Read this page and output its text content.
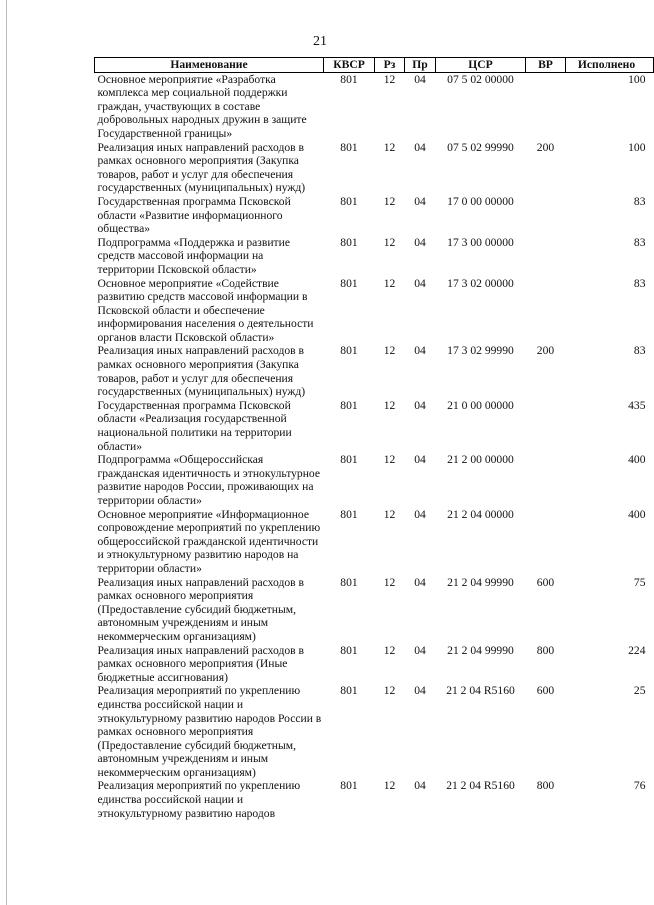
21
Наименование	КВСР	Рз	Пр	ЦСР	ВР	Исполнено
Основное мероприятие «Разработка комплекса мер социальной поддержки граждан, участвующих в составе добровольных народных дружин в защите Государственной границы»	801	12	04	07 5 02 00000		100
Реализация иных направлений расходов в рамках основного мероприятия (Закупка товаров, работ и услуг для обеспечения государственных (муниципальных) нужд)	801	12	04	07 5 02 99990	200	100
Государственная программа Псковской области «Развитие информационного общества»	801	12	04	17 0 00 00000		83
Подпрограмма «Поддержка и развитие средств массовой информации на территории Псковской области»	801	12	04	17 3 00 00000		83
Основное мероприятие «Содействие развитию средств массовой информации в Псковской области и обеспечение информирования населения о деятельности органов власти Псковской области»	801	12	04	17 3 02 00000		83
Реализация иных направлений расходов в рамках основного мероприятия (Закупка товаров, работ и услуг для обеспечения государственных (муниципальных) нужд)	801	12	04	17 3 02 99990	200	83
Государственная программа Псковской области «Реализация государственной национальной политики на территории области»	801	12	04	21 0 00 00000		435
Подпрограмма «Общероссийская гражданская идентичность и этнокультурное развитие народов России, проживающих на территории области»	801	12	04	21 2 00 00000		400
Основное мероприятие «Информационное сопровождение мероприятий по укреплению общероссийской гражданской идентичности и этнокультурному развитию народов на территории области»	801	12	04	21 2 04 00000		400
Реализация иных направлений расходов в рамках основного мероприятия (Предоставление субсидий бюджетным, автономным учреждениям и иным некоммерческим организациям)	801	12	04	21 2 04 99990	600	75
Реализация иных направлений расходов в рамках основного мероприятия (Иные бюджетные ассигнования)	801	12	04	21 2 04 99990	800	224
Реализация мероприятий по укреплению единства российской нации и этнокультурному развитию народов России в рамках основного мероприятия (Предоставление субсидий бюджетным, автономным учреждениям и иным некоммерческим организациям)	801	12	04	21 2 04 R5160	600	25
Реализация мероприятий по укреплению единства российской нации и этнокультурному развитию народов	801	12	04	21 2 04 R5160	800	76
